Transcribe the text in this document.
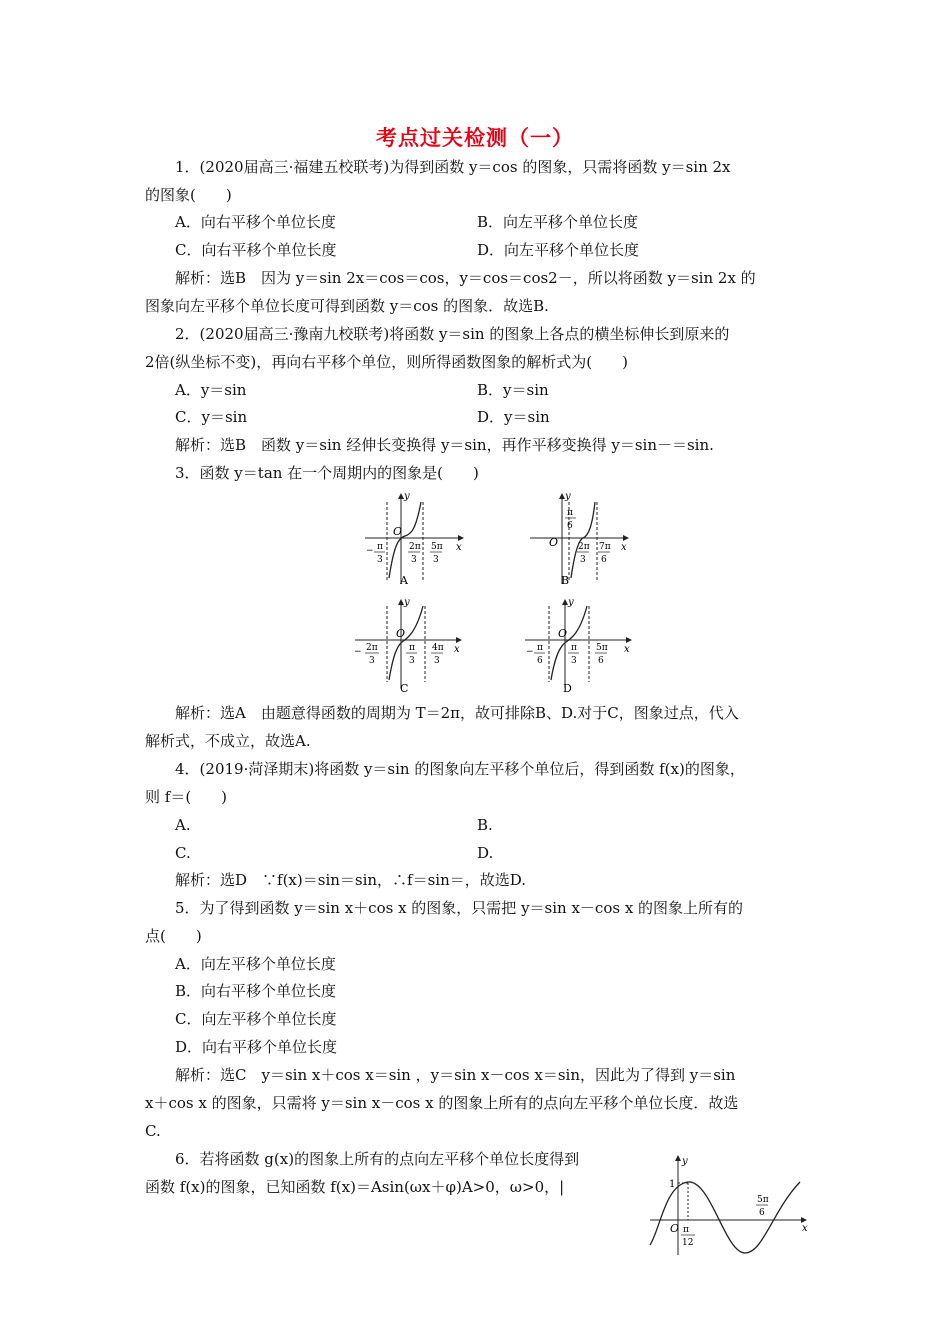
考点过关检测（一）
1．(2020届高三·福建五校联考)为得到函数 y＝cos 的图象，只需将函数 y＝sin 2x
的图象(　　)
A．向右平移个单位长度	B．向左平移个单位长度
C．向右平移个单位长度	D．向左平移个单位长度
解析：选B　因为 y＝sin 2x＝cos＝cos，y＝cos＝cos2－，所以将函数 y＝sin 2x 的
图象向左平移个单位长度可得到函数 y＝cos 的图象．故选B.
2．(2020届高三·豫南九校联考)将函数 y＝sin 的图象上各点的横坐标伸长到原来的
2倍(纵坐标不变)，再向右平移个单位，则所得函数图象的解析式为(　　)
A．y＝sin	B．y＝sin
C．y＝sin	D．y＝sin
解析：选B　函数 y＝sin 经伸长变换得 y＝sin，再作平移变换得 y＝sin－＝sin.
3．函数 y＝tan 在一个周期内的图象是(　　)
y
x
O
π
3
−	2π
3
5π
3
A
y
x
O
π
6
2π
3
7π
6
B
y
x
O
2π
3
−	π
3
4π
3
C
y
x
O
π
6
−	π
3
5π
6
D
解析：选A　由题意得函数的周期为 T＝2π，故可排除B、D.对于C，图象过点，代入
解析式，不成立，故选A.
4．(2019·菏泽期末)将函数 y＝sin 的图象向左平移个单位后，得到函数 f(x)的图象，
则 f＝(　　)
A.	B.
C.	D.
解析：选D　∵f(x)＝sin＝sin，∴f＝sin＝，故选D.
5．为了得到函数 y＝sin x＋cos x 的图象，只需把 y＝sin x－cos x 的图象上所有的
点(　　)
A．向左平移个单位长度
B．向右平移个单位长度
C．向左平移个单位长度
D．向右平移个单位长度
解析：选C　y＝sin x＋cos x＝sin ，y＝sin x－cos x＝sin，因此为了得到 y＝sin
x＋cos x 的图象，只需将 y＝sin x－cos x 的图象上所有的点向左平移个单位长度．故选
C.
6．若将函数 g(x)的图象上所有的点向左平移个单位长度得到
函数 f(x)的图象，已知函数 f(x)＝Asin(ωx＋φ)A>0，ω>0，|
y
x
O
1
π
12
5π
6
